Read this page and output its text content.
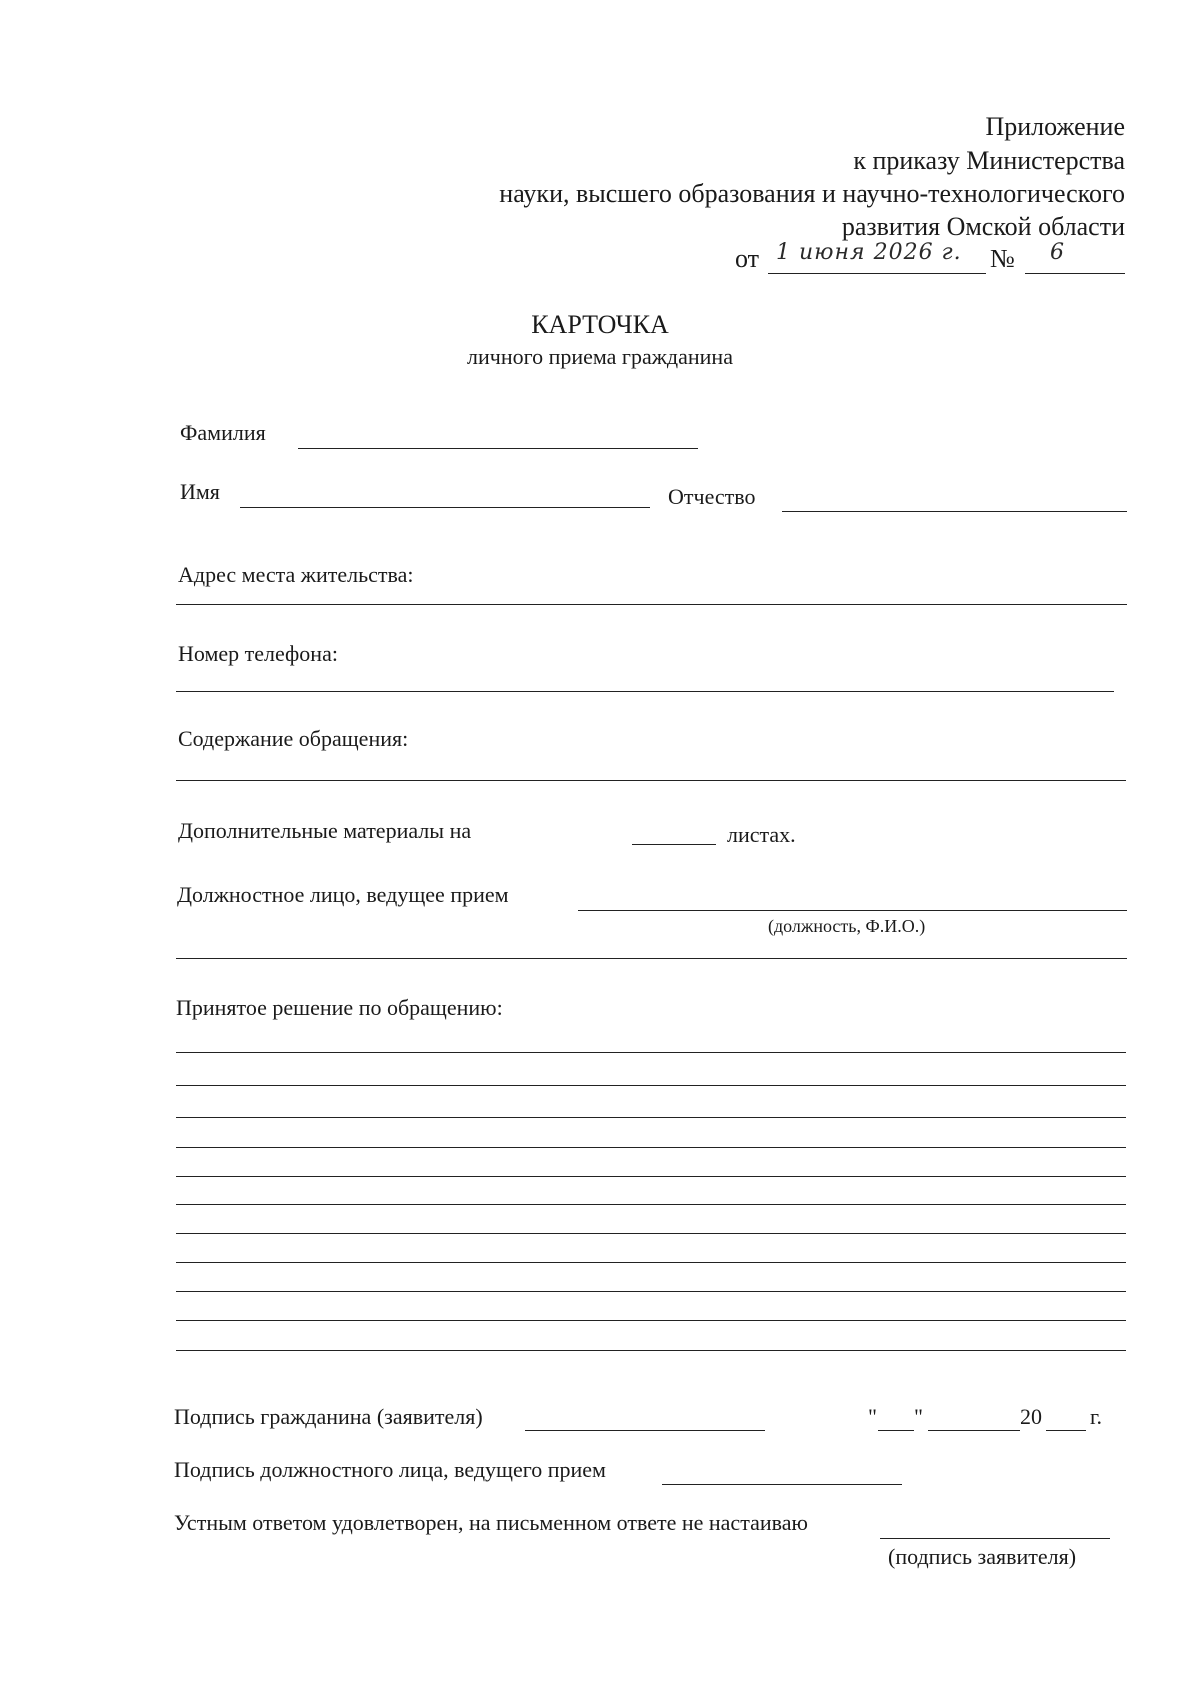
Приложение
к приказу Министерства
науки, высшего образования и научно-технологического
развития Омской области
от 1 июня 2026 г. № 6
КАРТОЧКА
личного приема гражданина
Фамилия
Имя	Отчество
Адрес места жительства:
Номер телефона:
Содержание обращения:
Дополнительные материалы на	листах.
Должностное лицо, ведущее прием
(должность, Ф.И.О.)
Принятое решение по обращению:
Подпись гражданина (заявителя)	" "	20 г.
Подпись должностного лица, ведущего прием
Устным ответом удовлетворен, на письменном ответе не настаиваю
(подпись заявителя)
